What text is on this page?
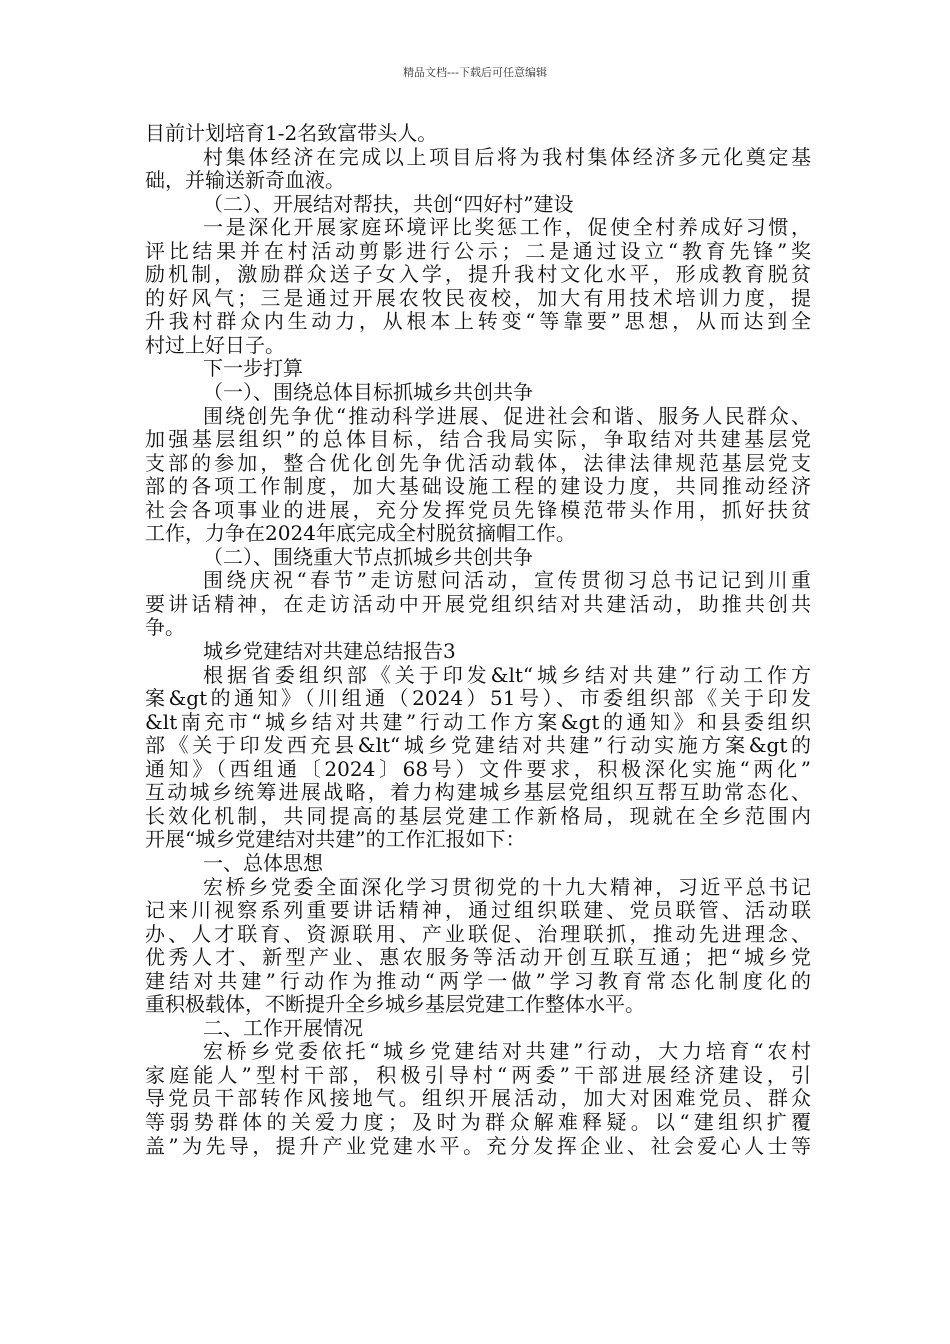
精品文档---下载后可任意编辑
目前计划培育1-2名致富带头人。
村集体经济在完成以上项目后将为我村集体经济多元化奠定基
础，并输送新奇血液。
（二）、开展结对帮扶，共创“四好村”建设
一是深化开展家庭环境评比奖惩工作，促使全村养成好习惯，
评比结果并在村活动剪影进行公示；二是通过设立“教育先锋”奖
励机制，激励群众送子女入学，提升我村文化水平，形成教育脱贫
的好风气；三是通过开展农牧民夜校，加大有用技术培训力度，提
升我村群众内生动力，从根本上转变“等靠要”思想，从而达到全
村过上好日子。
下一步打算
（一）、围绕总体目标抓城乡共创共争
围绕创先争优“推动科学进展、促进社会和谐、服务人民群众、
加强基层组织”的总体目标，结合我局实际，争取结对共建基层党
支部的参加，整合优化创先争优活动载体，法律法律规范基层党支
部的各项工作制度，加大基础设施工程的建设力度，共同推动经济
社会各项事业的进展，充分发挥党员先锋模范带头作用，抓好扶贫
工作，力争在2024年底完成全村脱贫摘帽工作。
（二）、围绕重大节点抓城乡共创共争
围绕庆祝“春节”走访慰问活动，宣传贯彻习总书记记到川重
要讲话精神，在走访活动中开展党组织结对共建活动，助推共创共
争。
城乡党建结对共建总结报告3
根据省委组织部《关于印发&lt“城乡结对共建”行动工作方
案&gt的通知》（川组通（2024）51号）、市委组织部《关于印发
&lt南充市“城乡结对共建”行动工作方案&gt的通知》和县委组织
部《关于印发西充县&lt“城乡党建结对共建”行动实施方案&gt的
通知》（西组通〔2024〕68号）文件要求，积极深化实施“两化”
互动城乡统筹进展战略，着力构建城乡基层党组织互帮互助常态化、
长效化机制，共同提高的基层党建工作新格局，现就在全乡范围内
开展“城乡党建结对共建”的工作汇报如下：
一、总体思想
宏桥乡党委全面深化学习贯彻党的十九大精神，习近平总书记
记来川视察系列重要讲话精神，通过组织联建、党员联管、活动联
办、人才联育、资源联用、产业联促、治理联抓，推动先进理念、
优秀人才、新型产业、惠农服务等活动开创互联互通；把“城乡党
建结对共建”行动作为推动“两学一做”学习教育常态化制度化的
重积极载体，不断提升全乡城乡基层党建工作整体水平。
二、工作开展情况
宏桥乡党委依托“城乡党建结对共建”行动，大力培育“农村
家庭能人”型村干部，积极引导村“两委”干部进展经济建设，引
导党员干部转作风接地气。组织开展活动，加大对困难党员、群众
等弱势群体的关爱力度；及时为群众解难释疑。以“建组织扩覆
盖”为先导，提升产业党建水平。充分发挥企业、社会爱心人士等
